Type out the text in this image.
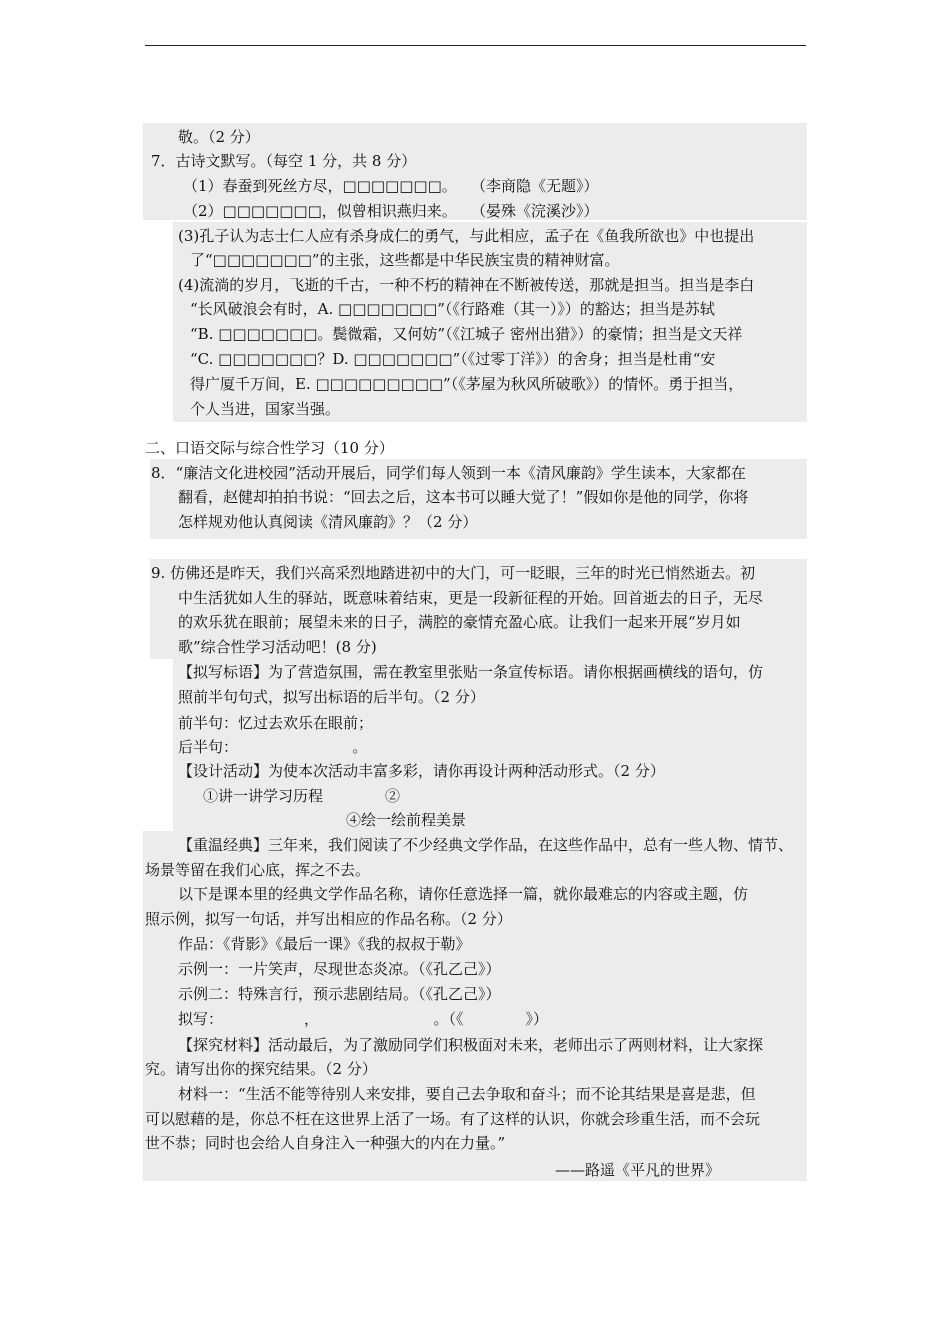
敬。（2 分）
7．古诗文默写。（每空 1 分，共 8 分）
（1）春蚕到死丝方尽，□□□□□□□。   （李商隐《无题》）
（2）□□□□□□□，似曾相识燕归来。   （晏殊《浣溪沙》）
(3)孔子认为志士仁人应有杀身成仁的勇气，与此相应，孟子在《鱼我所欲也》中也提出
了“□□□□□□□”的主张，这些都是中华民族宝贵的精神财富。
(4)流淌的岁月，飞逝的千古，一种不朽的精神在不断被传送，那就是担当。担当是李白
“长风破浪会有时，A. □□□□□□□”（《行路难（其一）》）的豁达；担当是苏轼
“B. □□□□□□□。鬓微霜，又何妨”（《江城子 密州出猎》）的豪情；担当是文天祥
“C. □□□□□□□？D. □□□□□□□”（《过零丁洋》）的舍身；担当是杜甫“安
得广厦千万间，E. □□□□□□□□□”（《茅屋为秋风所破歌》）的情怀。勇于担当，
个人当进，国家当强。
二、口语交际与综合性学习（10 分）
8．“廉洁文化进校园”活动开展后，同学们每人领到一本《清风廉韵》学生读本，大家都在
翻看，赵健却拍拍书说：“回去之后，这本书可以睡大觉了！”假如你是他的同学，你将
怎样规劝他认真阅读《清风廉韵》？（2 分）
9. 仿佛还是昨天，我们兴高采烈地踏进初中的大门，可一眨眼，三年的时光已悄然逝去。初
中生活犹如人生的驿站，既意味着结束，更是一段新征程的开始。回首逝去的日子，无尽
的欢乐犹在眼前；展望未来的日子，满腔的豪情充盈心底。让我们一起来开展“岁月如
歌”综合性学习活动吧！(8 分)
【拟写标语】为了营造氛围，需在教室里张贴一条宣传标语。请你根据画横线的语句，仿
照前半句句式，拟写出标语的后半句。（2 分）
前半句：忆过去欢乐在眼前；
后半句：                        。
【设计活动】为使本次活动丰富多彩，请你再设计两种活动形式。（2 分）
①讲一讲学习历程             ②
④绘一绘前程美景
【重温经典】三年来，我们阅读了不少经典文学作品，在这些作品中，总有一些人物、情节、
场景等留在我们心底，挥之不去。
以下是课本里的经典文学作品名称，请你任意选择一篇，就你最难忘的内容或主题，仿
照示例，拟写一句话，并写出相应的作品名称。（2 分）
作品：《背影》《最后一课》《我的叔叔于勒》
示例一：一片笑声，尽现世态炎凉。（《孔乙己》）
示例二：特殊言行，预示悲剧结局。（《孔乙己》）
拟写：                 ，                        。（《             》）
【探究材料】活动最后，为了激励同学们积极面对未来，老师出示了两则材料，让大家探
究。请写出你的探究结果。（2 分）
材料一：“生活不能等待别人来安排，要自己去争取和奋斗；而不论其结果是喜是悲，但
可以慰藉的是，你总不枉在这世界上活了一场。有了这样的认识，你就会珍重生活，而不会玩
世不恭；同时也会给人自身注入一种强大的内在力量。”
——路遥《平凡的世界》
